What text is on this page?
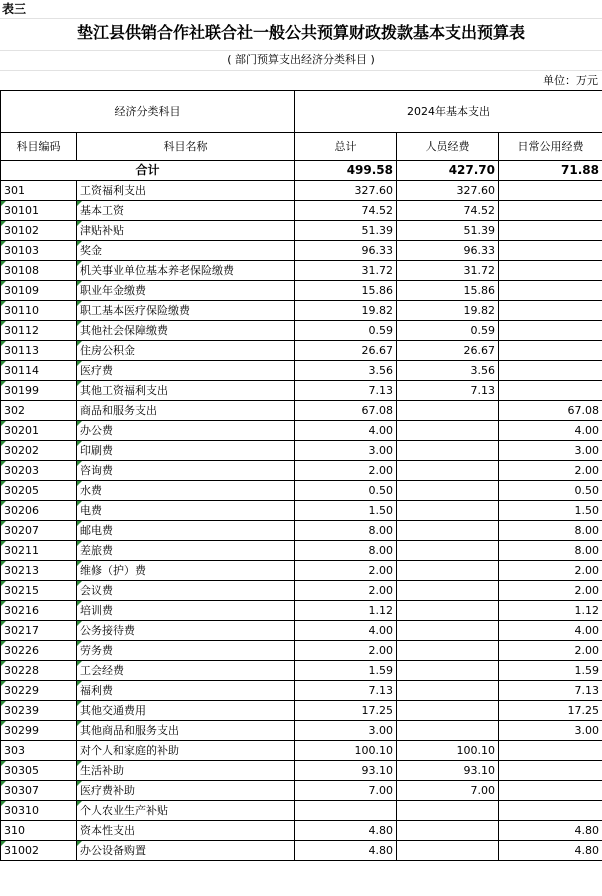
表三
垫江县供销合作社联合社一般公共预算财政拨款基本支出预算表
( 部门预算支出经济分类科目 )
单位：万元
经济分类科目		2024年基本支出		
科目编码	科目名称	总计	人员经费	日常公用经费
合计		499.58	427.70	71.88
301	工资福利支出	327.60	327.60	
30101	基本工资	74.52	74.52	
30102	津贴补贴	51.39	51.39	
30103	奖金	96.33	96.33	
30108	机关事业单位基本养老保险缴费	31.72	31.72	
30109	职业年金缴费	15.86	15.86	
30110	职工基本医疗保险缴费	19.82	19.82	
30112	其他社会保障缴费	0.59	0.59	
30113	住房公积金	26.67	26.67	
30114	医疗费	3.56	3.56	
30199	其他工资福利支出	7.13	7.13	
302	商品和服务支出	67.08		67.08
30201	办公费	4.00		4.00
30202	印刷费	3.00		3.00
30203	咨询费	2.00		2.00
30205	水费	0.50		0.50
30206	电费	1.50		1.50
30207	邮电费	8.00		8.00
30211	差旅费	8.00		8.00
30213	维修（护）费	2.00		2.00
30215	会议费	2.00		2.00
30216	培训费	1.12		1.12
30217	公务接待费	4.00		4.00
30226	劳务费	2.00		2.00
30228	工会经费	1.59		1.59
30229	福利费	7.13		7.13
30239	其他交通费用	17.25		17.25
30299	其他商品和服务支出	3.00		3.00
303	对个人和家庭的补助	100.10	100.10	
30305	生活补助	93.10	93.10	
30307	医疗费补助	7.00	7.00	
30310	个人农业生产补贴			
310	资本性支出	4.80		4.80
31002	办公设备购置	4.80		4.80
